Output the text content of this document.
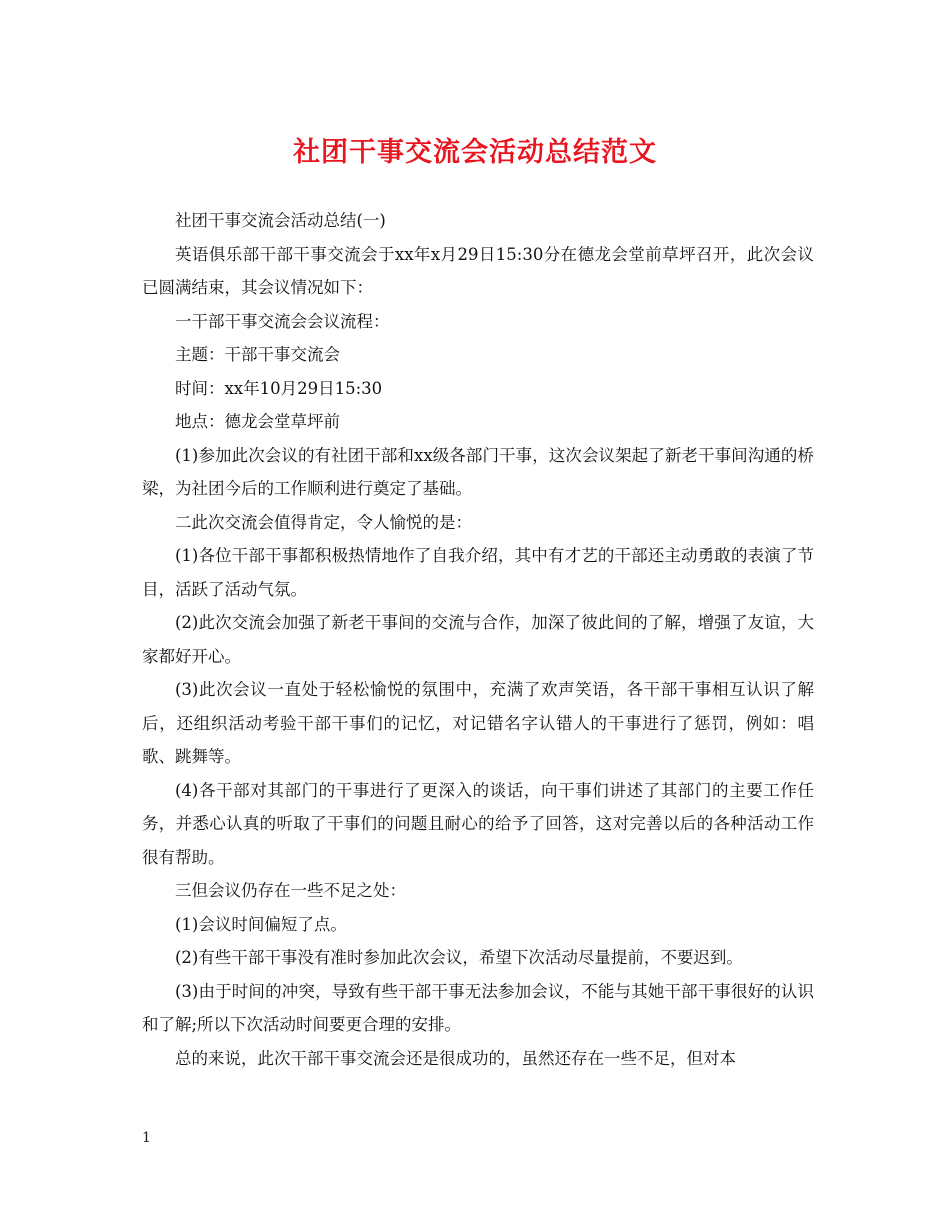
社团干事交流会活动总结范文

社团干事交流会活动总结(一)

英语俱乐部干部干事交流会于xx年x月29日15:30分在德龙会堂前草坪召开，此次会议已圆满结束，其会议情况如下：

一干部干事交流会会议流程：

主题：干部干事交流会

时间：xx年10月29日15:30

地点：德龙会堂草坪前

(1)参加此次会议的有社团干部和xx级各部门干事，这次会议架起了新老干事间沟通的桥梁，为社团今后的工作顺利进行奠定了基础。

二此次交流会值得肯定，令人愉悦的是：

(1)各位干部干事都积极热情地作了自我介绍，其中有才艺的干部还主动勇敢的表演了节目，活跃了活动气氛。

(2)此次交流会加强了新老干事间的交流与合作，加深了彼此间的了解，增强了友谊，大家都好开心。

(3)此次会议一直处于轻松愉悦的氛围中，充满了欢声笑语，各干部干事相互认识了解后，还组织活动考验干部干事们的记忆，对记错名字认错人的干事进行了惩罚，例如：唱歌、跳舞等。

(4)各干部对其部门的干事进行了更深入的谈话，向干事们讲述了其部门的主要工作任务，并悉心认真的听取了干事们的问题且耐心的给予了回答，这对完善以后的各种活动工作很有帮助。

三但会议仍存在一些不足之处：

(1)会议时间偏短了点。

(2)有些干部干事没有准时参加此次会议，希望下次活动尽量提前，不要迟到。

(3)由于时间的冲突，导致有些干部干事无法参加会议，不能与其她干部干事很好的认识和了解;所以下次活动时间要更合理的安排。

总的来说，此次干部干事交流会还是很成功的，虽然还存在一些不足，但对本

1
